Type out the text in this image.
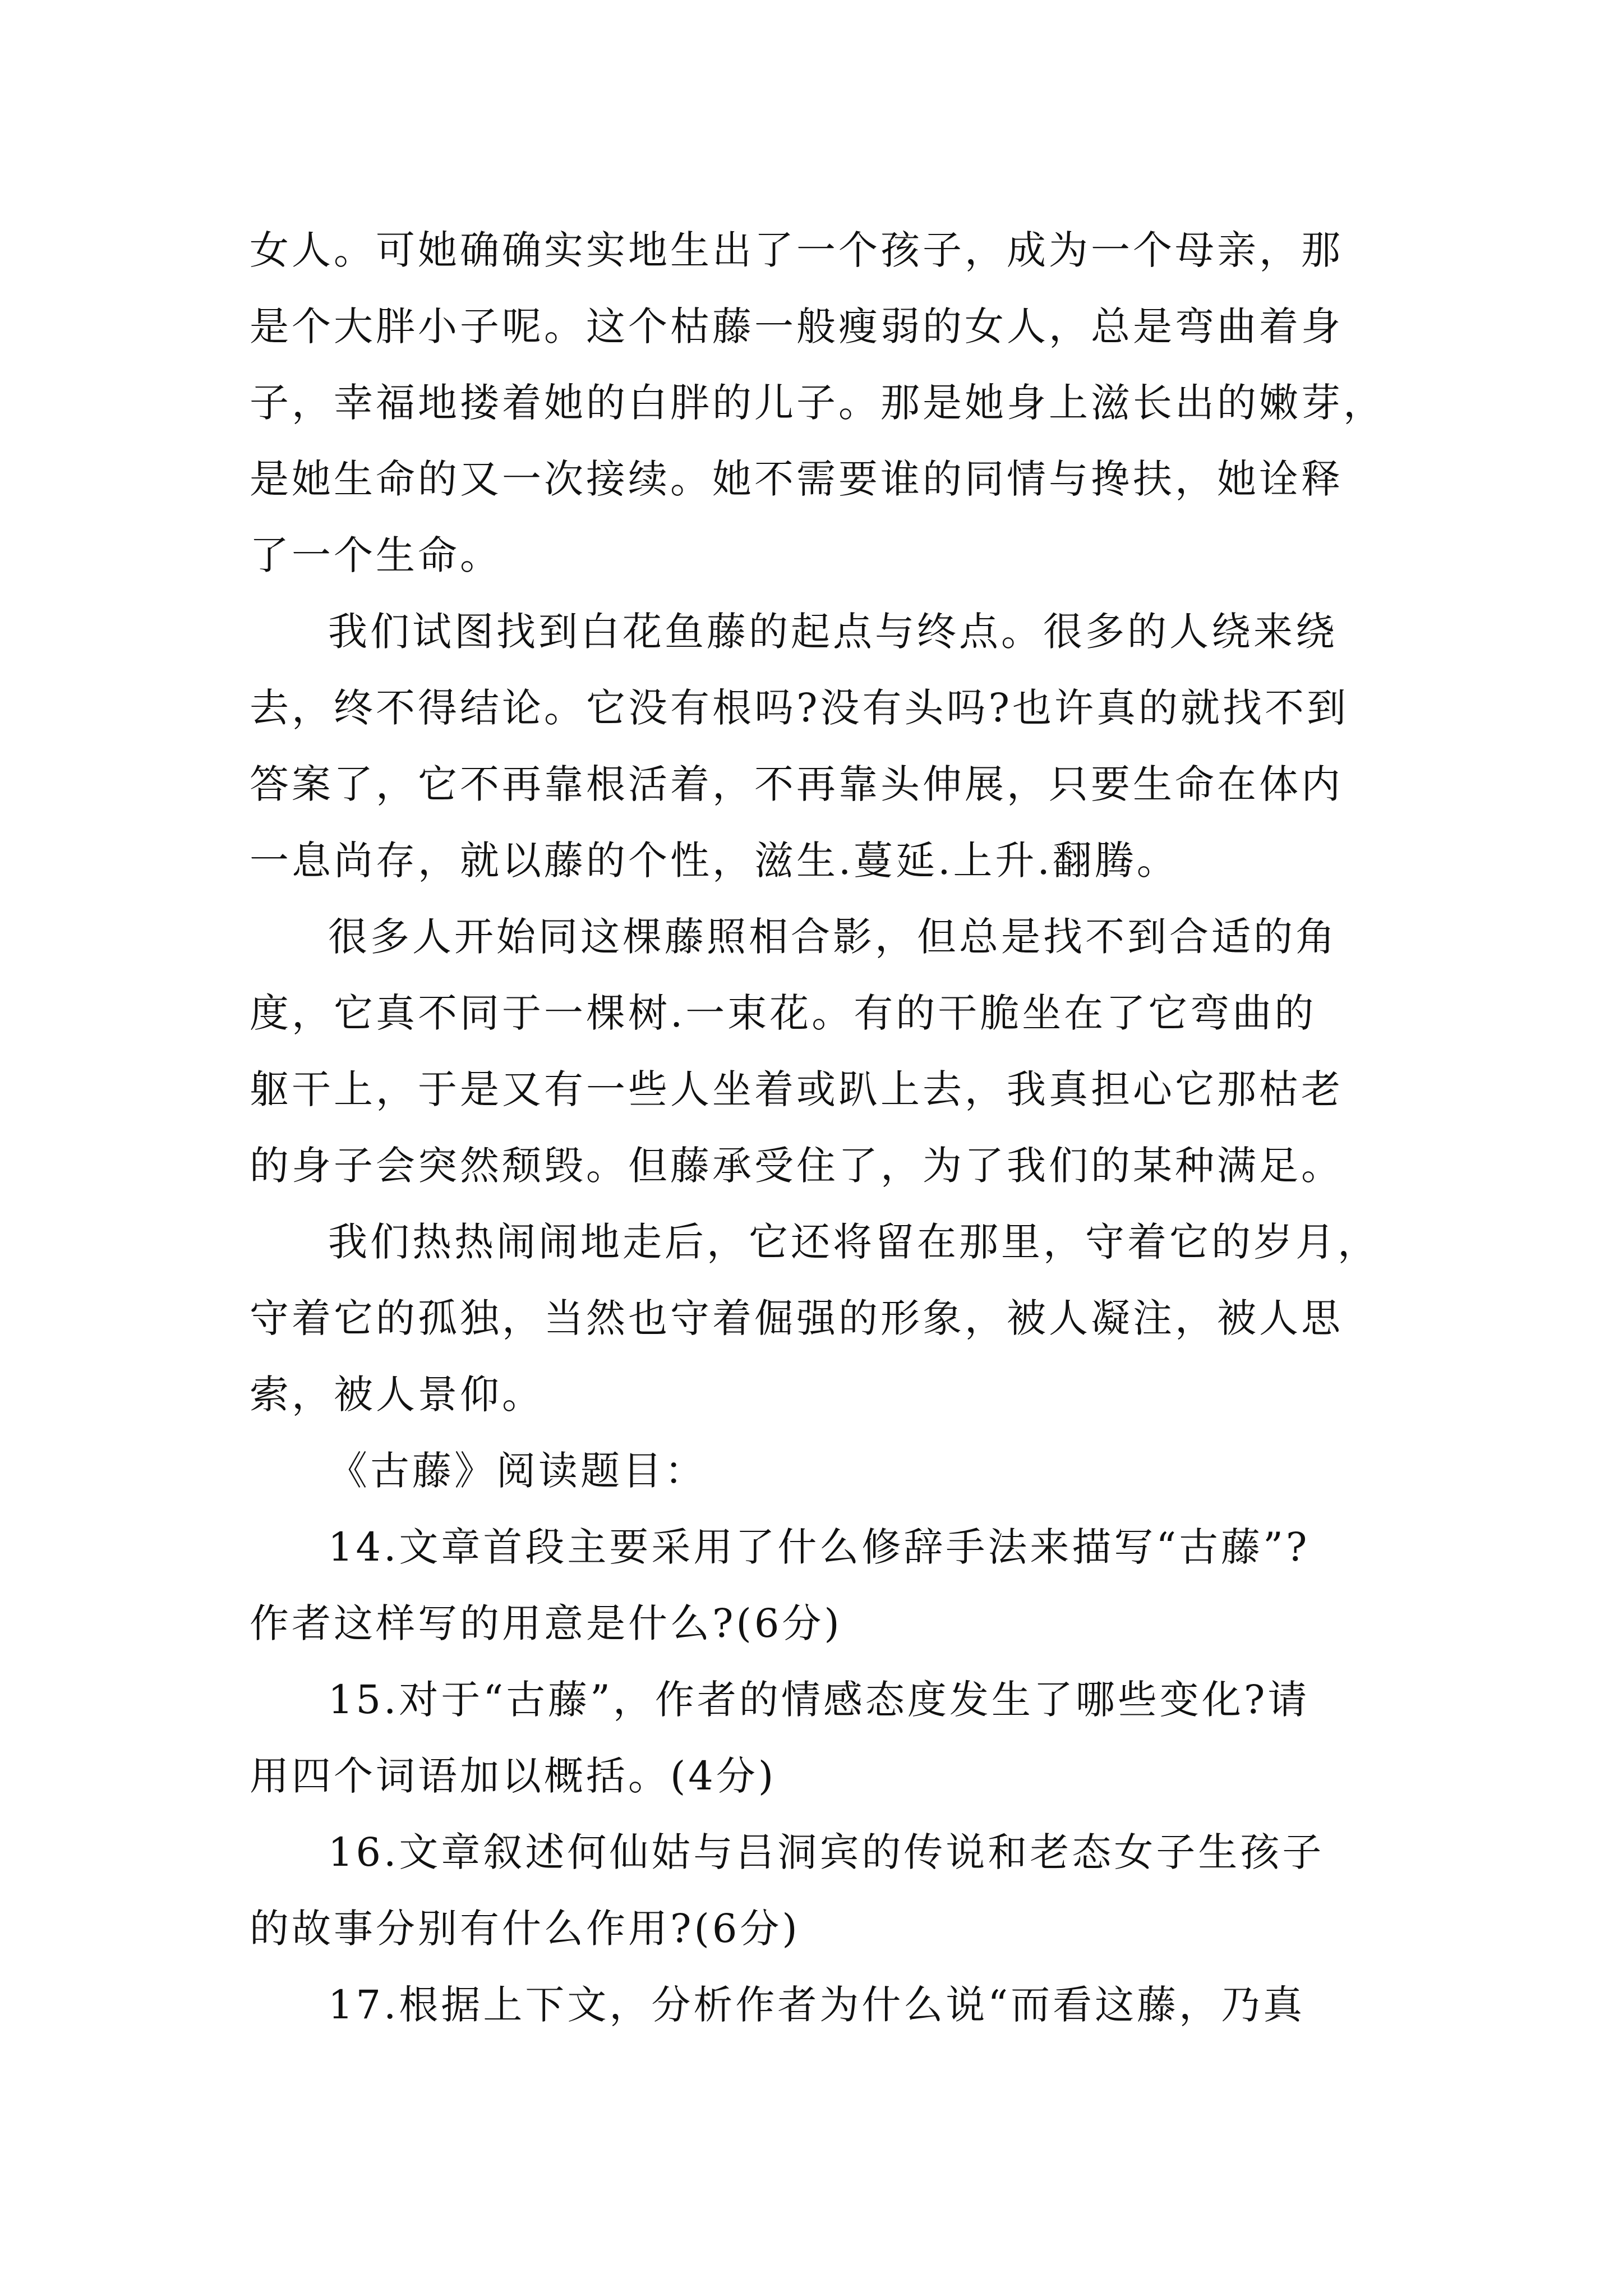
女人。可她确确实实地生出了一个孩子，成为一个母亲，那
是个大胖小子呢。这个枯藤一般瘦弱的女人，总是弯曲着身
子，幸福地搂着她的白胖的儿子。那是她身上滋长出的嫩芽，
是她生命的又一次接续。她不需要谁的同情与搀扶，她诠释
了一个生命。

我们试图找到白花鱼藤的起点与终点。很多的人绕来绕
去，终不得结论。它没有根吗?没有头吗?也许真的就找不到
答案了，它不再靠根活着，不再靠头伸展，只要生命在体内
一息尚存，就以藤的个性，滋生.蔓延.上升.翻腾。

很多人开始同这棵藤照相合影，但总是找不到合适的角
度，它真不同于一棵树.一束花。有的干脆坐在了它弯曲的
躯干上，于是又有一些人坐着或趴上去，我真担心它那枯老
的身子会突然颓毁。但藤承受住了，为了我们的某种满足。

我们热热闹闹地走后，它还将留在那里，守着它的岁月，
守着它的孤独，当然也守着倔强的形象，被人凝注，被人思
索，被人景仰。

《古藤》阅读题目：

14.文章首段主要采用了什么修辞手法来描写“古藤”?
作者这样写的用意是什么?(6分)

15.对于“古藤”，作者的情感态度发生了哪些变化?请
用四个词语加以概括。(4分)

16.文章叙述何仙姑与吕洞宾的传说和老态女子生孩子
的故事分别有什么作用?(6分)

17.根据上下文，分析作者为什么说“而看这藤，乃真
